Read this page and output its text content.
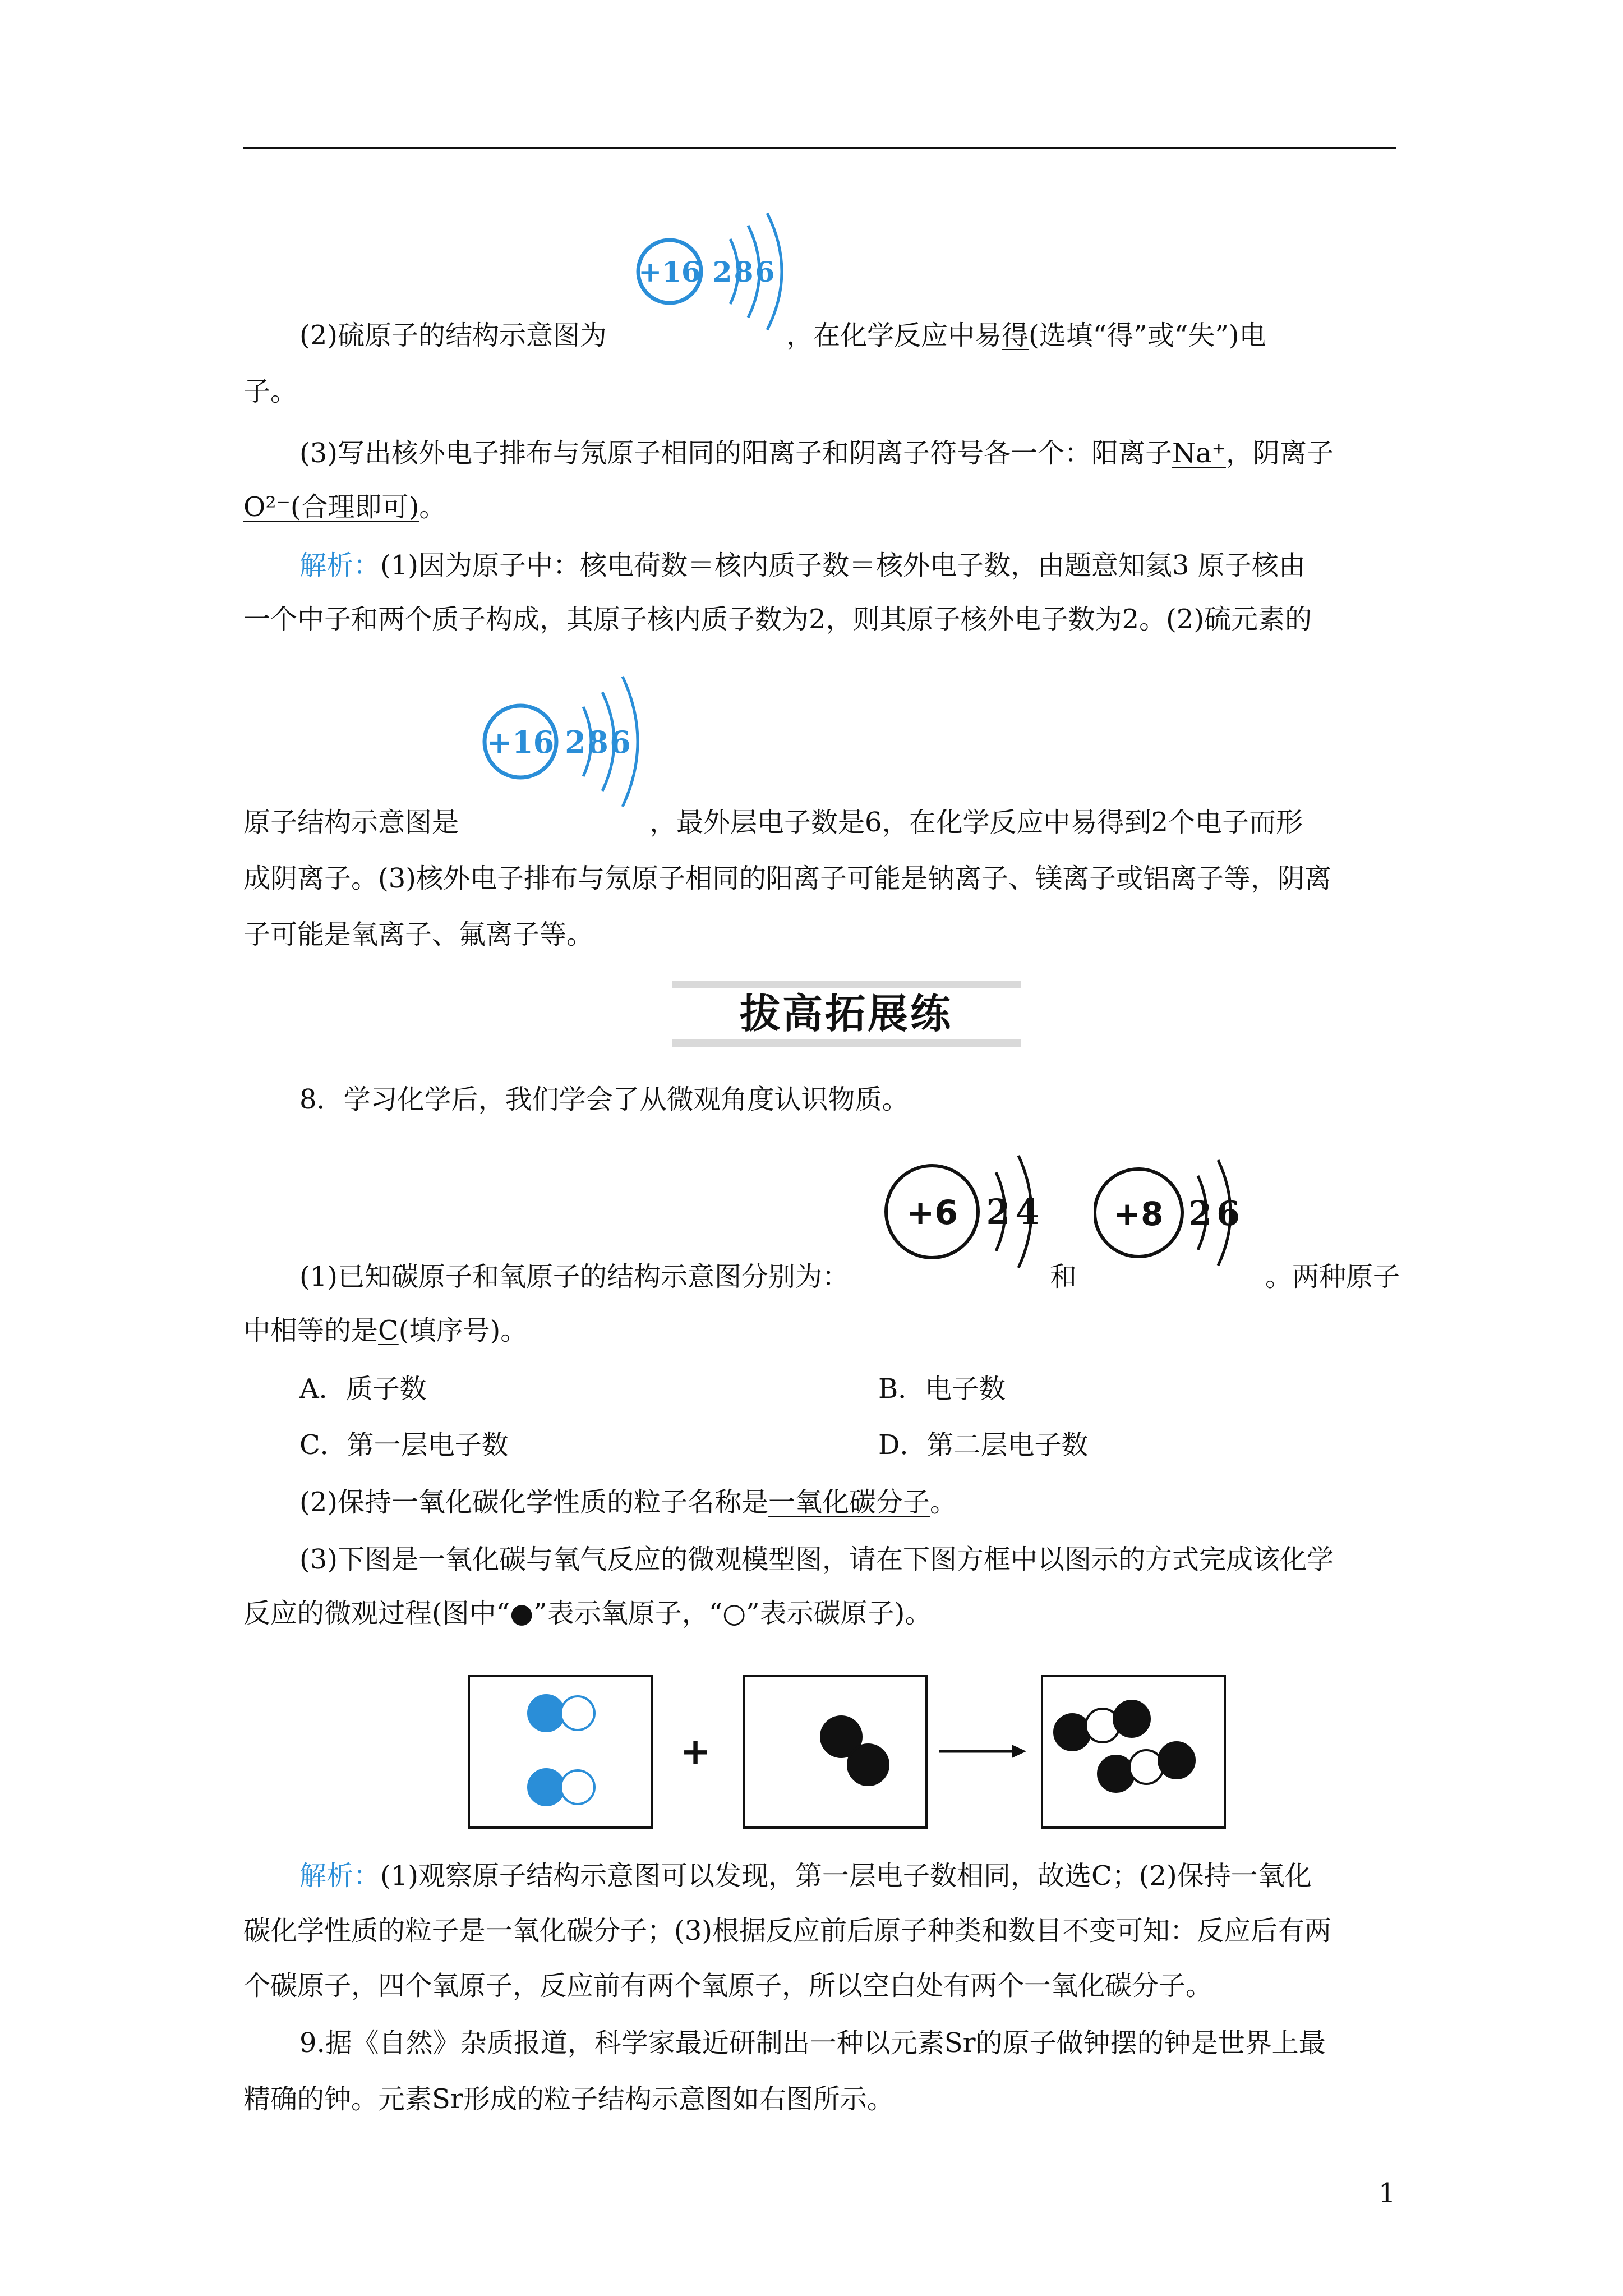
+16 2 8 6
(2)硫原子的结构示意图为	，在化学反应中易得(选填“得”或“失”)电
子。
(3)写出核外电子排布与氖原子相同的阳离子和阴离子符号各一个：阳离子Na⁺，阴离子
O²⁻(合理即可)。
解析：(1)因为原子中：核电荷数＝核内质子数＝核外电子数，由题意知氦3 原子核由
一个中子和两个质子构成，其原子核内质子数为2，则其原子核外电子数为2。(2)硫元素的
+16 2 8 6
原子结构示意图是	，最外层电子数是6，在化学反应中易得到2个电子而形
成阴离子。(3)核外电子排布与氖原子相同的阳离子可能是钠离子、镁离子或铝离子等，阴离
子可能是氧离子、氟离子等。
拔高拓展练
8．学习化学后，我们学会了从微观角度认识物质。
+6 2 4 +8 2 6
(1)已知碳原子和氧原子的结构示意图分别为：	和	。两种原子
中相等的是C(填序号)。
A．质子数	B．电子数
C．第一层电子数	D．第二层电子数
(2)保持一氧化碳化学性质的粒子名称是一氧化碳分子。
(3)下图是一氧化碳与氧气反应的微观模型图，请在下图方框中以图示的方式完成该化学
反应的微观过程(图中“●”表示氧原子，“○”表示碳原子)。
+
解析：(1)观察原子结构示意图可以发现，第一层电子数相同，故选C；(2)保持一氧化
碳化学性质的粒子是一氧化碳分子；(3)根据反应前后原子种类和数目不变可知：反应后有两
个碳原子，四个氧原子，反应前有两个氧原子，所以空白处有两个一氧化碳分子。
9.据《自然》杂质报道，科学家最近研制出一种以元素Sr的原子做钟摆的钟是世界上最
精确的钟。元素Sr形成的粒子结构示意图如右图所示。
1
